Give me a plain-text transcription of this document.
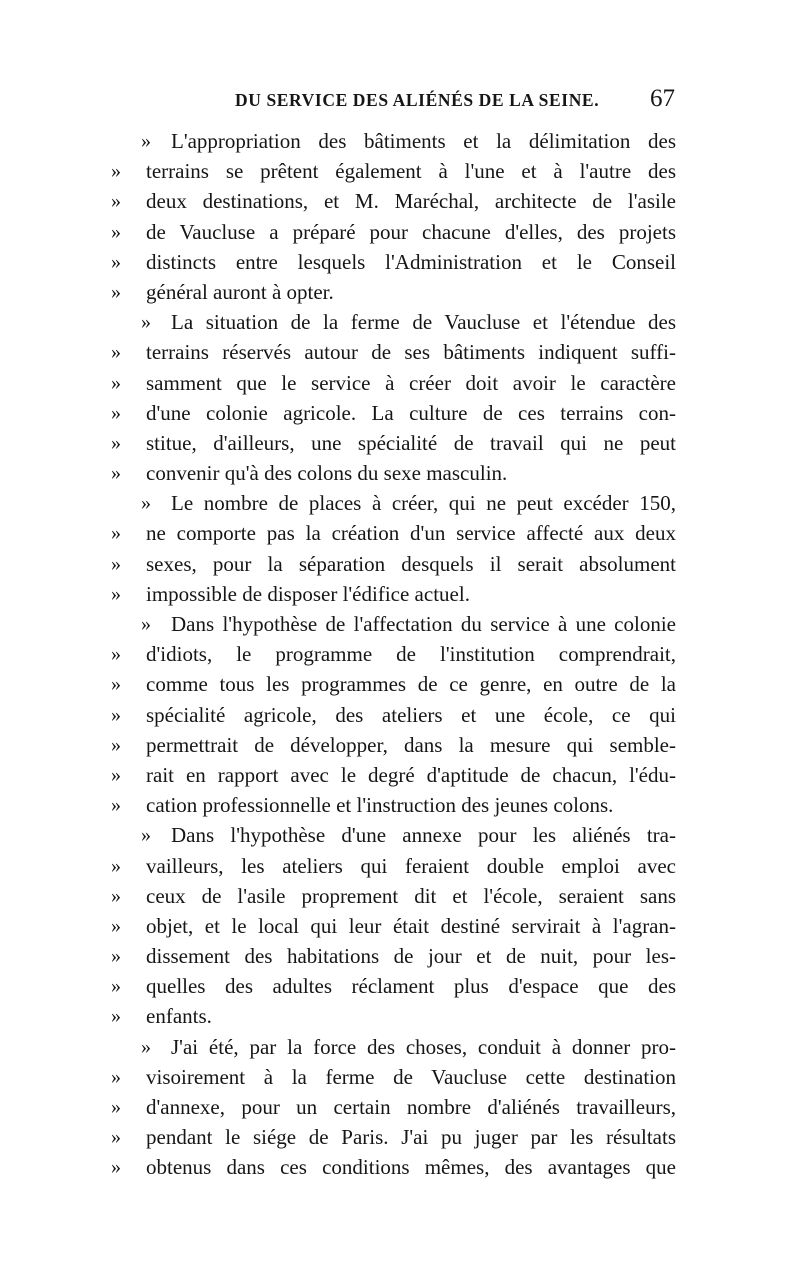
DU SERVICE DES ALIÉNÉS DE LA SEINE. 67
» L'appropriation des bâtiments et la délimitation des
»	terrains se prêtent également à l'une et à l'autre des
»	deux destinations, et M. Maréchal, architecte de l'asile
»	de Vaucluse a préparé pour chacune d'elles, des projets
»	distincts entre lesquels l'Administration et le Conseil
»	général auront à opter.
» La situation de la ferme de Vaucluse et l'étendue des
»	terrains réservés autour de ses bâtiments indiquent suffi-
»	samment que le service à créer doit avoir le caractère
»	d'une colonie agricole. La culture de ces terrains con-
»	stitue, d'ailleurs, une spécialité de travail qui ne peut
»	convenir qu'à des colons du sexe masculin.
» Le nombre de places à créer, qui ne peut excéder 150,
»	ne comporte pas la création d'un service affecté aux deux
»	sexes, pour la séparation desquels il serait absolument
»	impossible de disposer l'édifice actuel.
» Dans l'hypothèse de l'affectation du service à une colonie
»	d'idiots, le programme de l'institution comprendrait,
»	comme tous les programmes de ce genre, en outre de la
»	spécialité agricole, des ateliers et une école, ce qui
»	permettrait de développer, dans la mesure qui semble-
»	rait en rapport avec le degré d'aptitude de chacun, l'édu-
»	cation professionnelle et l'instruction des jeunes colons.
» Dans l'hypothèse d'une annexe pour les aliénés tra-
»	vailleurs, les ateliers qui feraient double emploi avec
»	ceux de l'asile proprement dit et l'école, seraient sans
»	objet, et le local qui leur était destiné servirait à l'agran-
»	dissement des habitations de jour et de nuit, pour les-
»	quelles des adultes réclament plus d'espace que des
»	enfants.
» J'ai été, par la force des choses, conduit à donner pro-
»	visoirement à la ferme de Vaucluse cette destination
»	d'annexe, pour un certain nombre d'aliénés travailleurs,
»	pendant le siége de Paris. J'ai pu juger par les résultats
»	obtenus dans ces conditions mêmes, des avantages que
